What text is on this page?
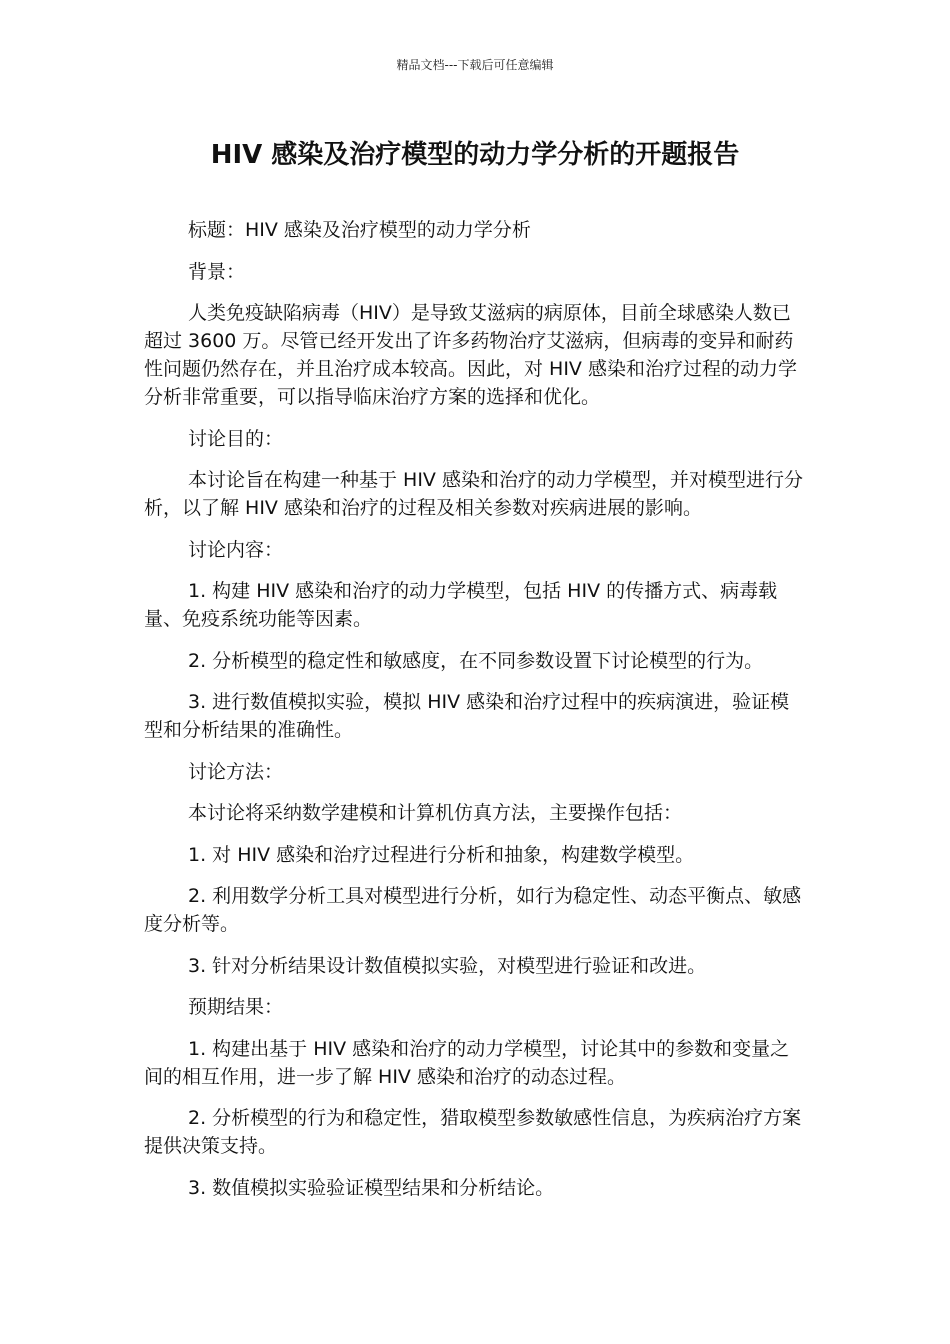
精品文档---下载后可任意编辑
HIV 感染及治疗模型的动力学分析的开题报告

标题：HIV 感染及治疗模型的动力学分析

背景：

人类免疫缺陷病毒（HIV）是导致艾滋病的病原体，目前全球感染人数已超过 3600 万。尽管已经开发出了许多药物治疗艾滋病，但病毒的变异和耐药性问题仍然存在，并且治疗成本较高。因此，对 HIV 感染和治疗过程的动力学分析非常重要，可以指导临床治疗方案的选择和优化。

讨论目的：

本讨论旨在构建一种基于 HIV 感染和治疗的动力学模型，并对模型进行分析，以了解 HIV 感染和治疗的过程及相关参数对疾病进展的影响。

讨论内容：

1. 构建 HIV 感染和治疗的动力学模型，包括 HIV 的传播方式、病毒载量、免疫系统功能等因素。

2. 分析模型的稳定性和敏感度，在不同参数设置下讨论模型的行为。

3. 进行数值模拟实验，模拟 HIV 感染和治疗过程中的疾病演进，验证模型和分析结果的准确性。

讨论方法：

本讨论将采纳数学建模和计算机仿真方法，主要操作包括：

1. 对 HIV 感染和治疗过程进行分析和抽象，构建数学模型。

2. 利用数学分析工具对模型进行分析，如行为稳定性、动态平衡点、敏感度分析等。

3. 针对分析结果设计数值模拟实验，对模型进行验证和改进。

预期结果：

1. 构建出基于 HIV 感染和治疗的动力学模型，讨论其中的参数和变量之间的相互作用，进一步了解 HIV 感染和治疗的动态过程。

2. 分析模型的行为和稳定性，猎取模型参数敏感性信息，为疾病治疗方案提供决策支持。

3. 数值模拟实验验证模型结果和分析结论。
